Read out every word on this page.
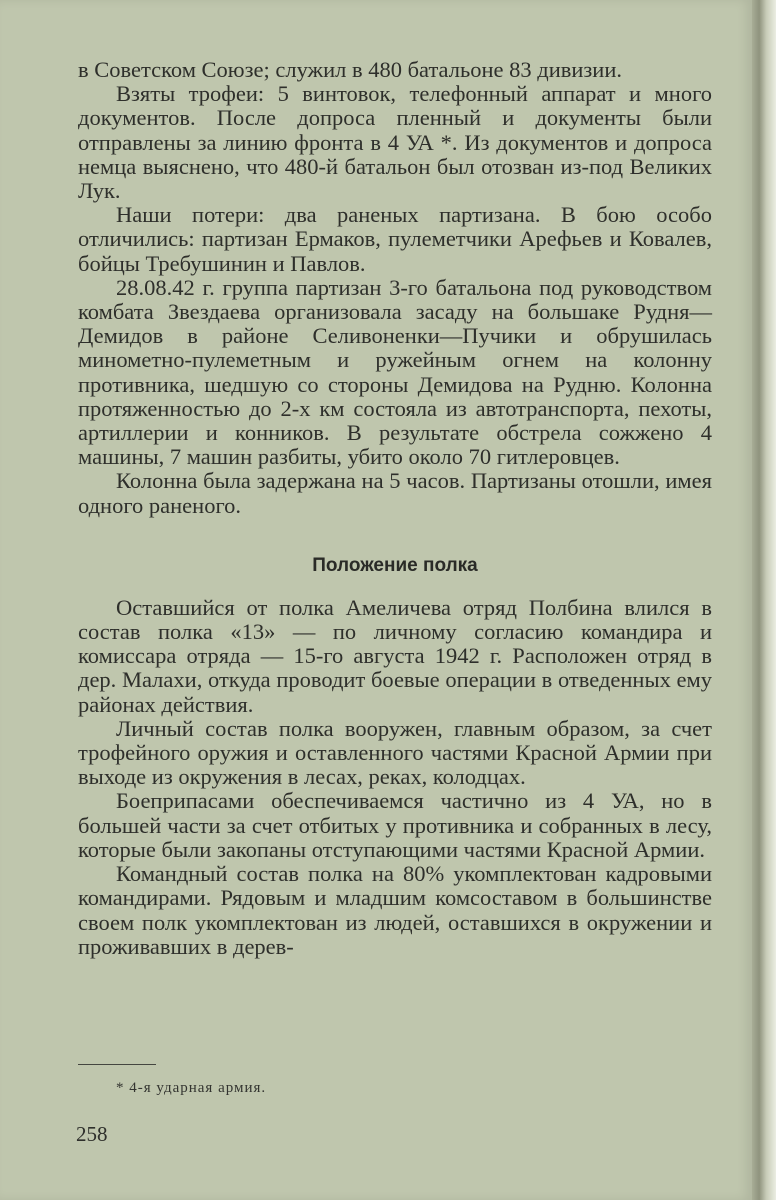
в Советском Союзе; служил в 480 батальоне 83 дивизии.

Взяты трофеи: 5 винтовок, телефонный аппарат и много документов. После допроса пленный и документы были отправлены за линию фронта в 4 УА *. Из документов и допроса немца выяснено, что 480-й батальон был отозван из-под Великих Лук.

Наши потери: два раненых партизана. В бою особо отличились: партизан Ермаков, пулеметчики Арефьев и Ковалев, бойцы Требушинин и Павлов.

28.08.42 г. группа партизан 3-го батальона под руководством комбата Звездаева организовала засаду на большаке Рудня—Демидов в районе Селивоненки—Пучики и обрушилась минометно-пулеметным и ружейным огнем на колонну противника, шедшую со стороны Демидова на Рудню. Колонна протяженностью до 2-х км состояла из автотранспорта, пехоты, артиллерии и конников. В результате обстрела сожжено 4 машины, 7 машин разбиты, убито около 70 гитлеровцев.

Колонна была задержана на 5 часов. Партизаны отошли, имея одного раненого.

Положение полка

Оставшийся от полка Амеличева отряд Полбина влился в состав полка «13» — по личному согласию командира и комиссара отряда — 15-го августа 1942 г. Расположен отряд в дер. Малахи, откуда проводит боевые операции в отведенных ему районах действия.

Личный состав полка вооружен, главным образом, за счет трофейного оружия и оставленного частями Красной Армии при выходе из окружения в лесах, реках, колодцах.

Боеприпасами обеспечиваемся частично из 4 УА, но в большей части за счет отбитых у противника и собранных в лесу, которые были закопаны отступающими частями Красной Армии.

Командный состав полка на 80% укомплектован кадровыми командирами. Рядовым и младшим комсоставом в большинстве своем полк укомплектован из людей, оставшихся в окружении и проживавших в дерев-

* 4-я ударная армия.
258
